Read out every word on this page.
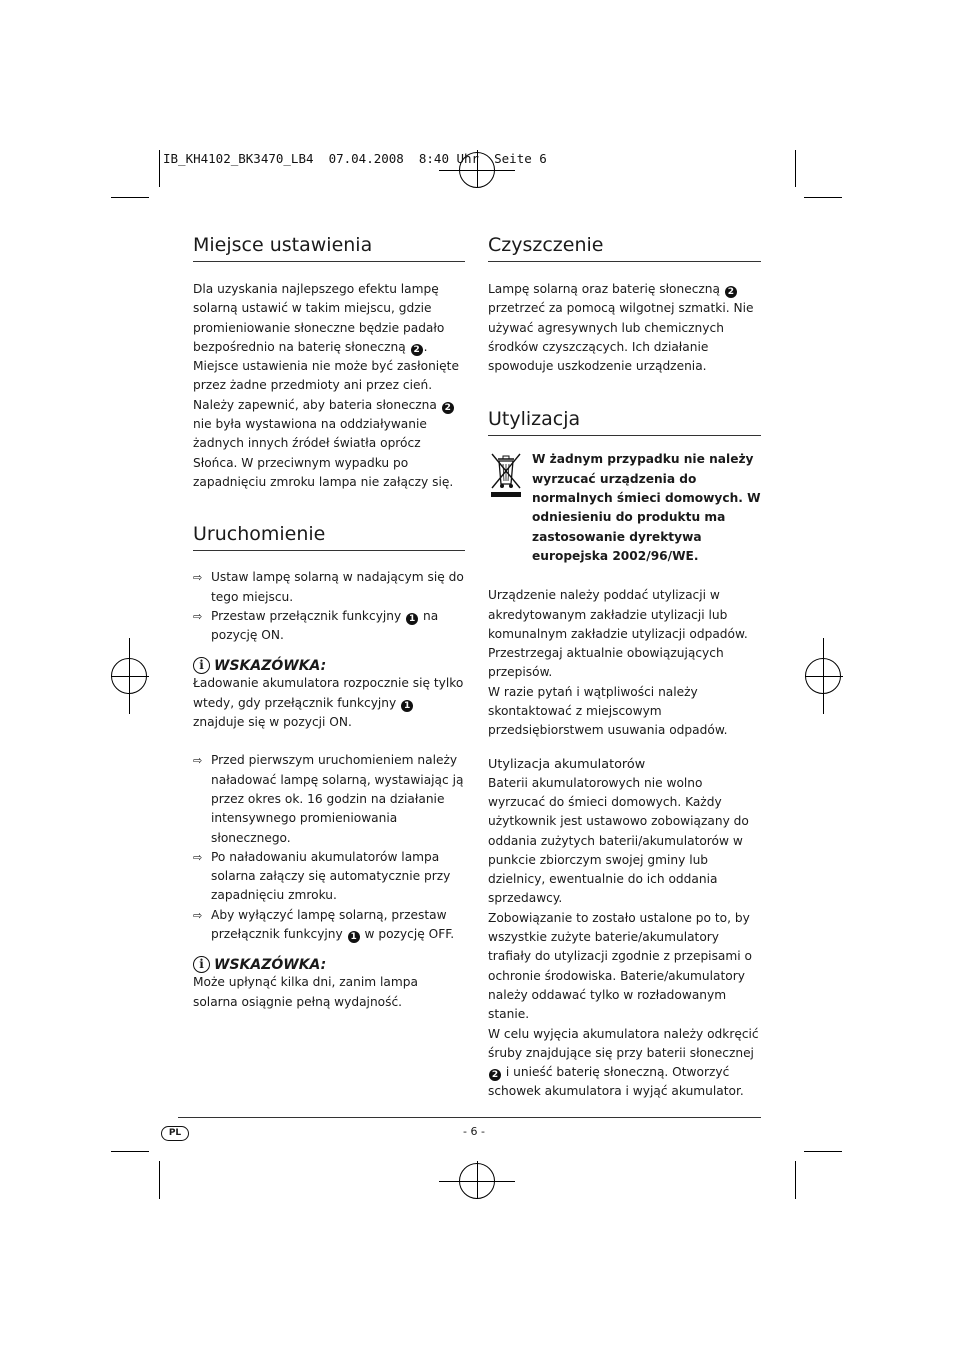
IB_KH4102_BK3470_LB4  07.04.2008  8:40 Uhr  Seite 6
Miejsce ustawienia

Dla uzyskania najlepszego efektu lampę solarną ustawić w takim miejscu, gdzie promieniowanie słoneczne będzie padało bezpośrednio na baterię słoneczną 2 . Miejsce ustawienia nie może być zasłonięte przez żadne przedmioty ani przez cień. Należy zapewnić, aby bateria słoneczna 2 nie była wystawiona na oddziaływanie żadnych innych źródeł światła oprócz Słońca. W przeciwnym wypadku po zapadnięciu zmroku lampa nie załączy się.

Uruchomienie
⇨ Ustaw lampę solarną w nadającym się do tego miejscu.
⇨ Przestaw przełącznik funkcyjny 1 na pozycję ON.
i WSKAZÓWKA:

Ładowanie akumulatora rozpocznie się tylko wtedy, gdy przełącznik funkcyjny 1 znajduje się w pozycji ON.

⇨ Przed pierwszym uruchomieniem należy naładować lampę solarną, wystawiając ją przez okres ok. 16 godzin na działanie intensywnego promieniowania słonecznego.
⇨ Po naładowaniu akumulatorów lampa solarna załączy się automatycznie przy zapadnięciu zmroku.
⇨ Aby wyłączyć lampę solarną, przestaw przełącznik funkcyjny 1 w pozycję OFF.
i WSKAZÓWKA:

Może upłynąć kilka dni, zanim lampa solarna osiągnie pełną wydajność.

Czyszczenie

Lampę solarną oraz baterię słoneczną 2 przetrzeć za pomocą wilgotnej szmatki. Nie używać agresywnych lub chemicznych środków czyszczących. Ich działanie spowoduje uszkodzenie urządzenia.

Utylizacja
W żadnym przypadku nie należy wyrzucać urządzenia do normalnych śmieci domowych. W odniesieniu do produktu ma zastosowanie dyrektywa europejska 2002/96/WE.

Urządzenie należy poddać utylizacji w akredytowanym zakładzie utylizacji lub komunalnym zakładzie utylizacji odpadów.

Przestrzegaj aktualnie obowiązujących przepisów.

W razie pytań i wątpliwości należy skontaktować z miejscowym przedsiębiorstwem usuwania odpadów.

Utylizacja akumulatorów

Baterii akumulatorowych nie wolno wyrzucać do śmieci domowych. Każdy użytkownik jest ustawowo zobowiązany do oddania zużytych baterii/akumulatorów w punkcie zbiorczym swojej gminy lub dzielnicy, ewentualnie do ich oddania sprzedawcy.

Zobowiązanie to zostało ustalone po to, by wszystkie zużyte baterie/akumulatory trafiały do utylizacji zgodnie z przepisami o ochronie środowiska. Baterie/akumulatory należy oddawać tylko w rozładowanym stanie.

W celu wyjęcia akumulatora należy odkręcić śruby znajdujące się przy baterii słonecznej 2 i unieść baterię słoneczną. Otworzyć schowek akumulatora i wyjąć akumulator.

PL	- 6 -
